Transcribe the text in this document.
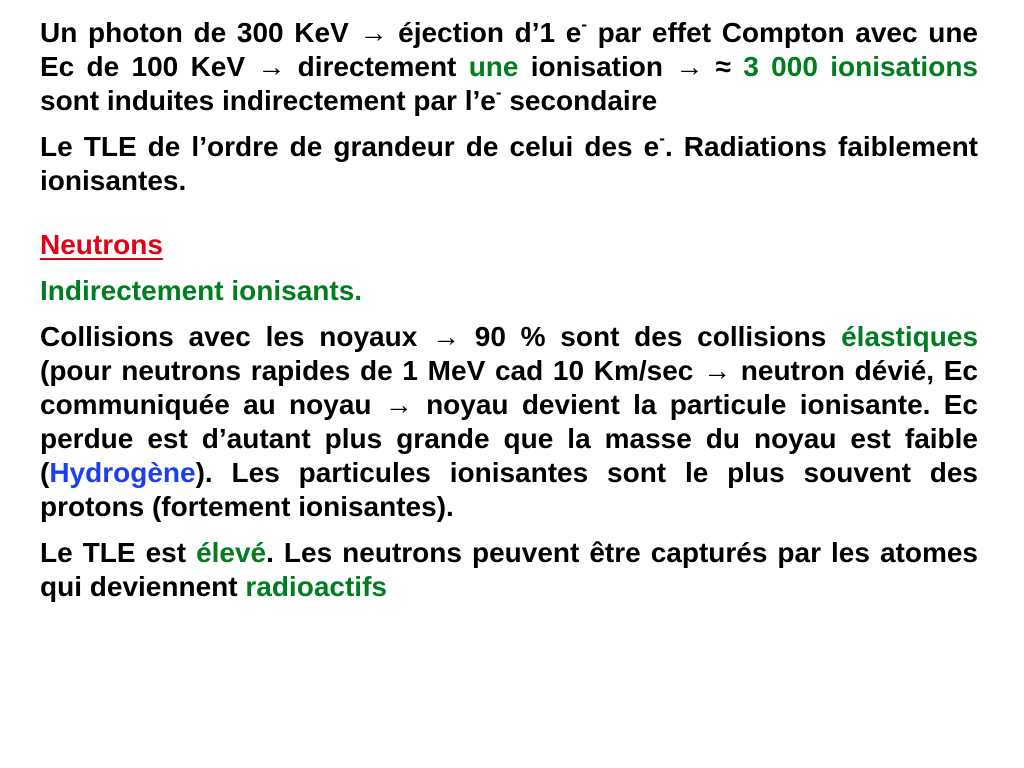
Un photon de 300 KeV → éjection d’1 e- par effet Compton avec une Ec de 100 KeV → directement une ionisation → ≈ 3 000 ionisations sont induites indirectement par l’e- secondaire

Le TLE de l’ordre de grandeur de celui des e-. Radiations faiblement ionisantes.

Neutrons

Indirectement ionisants.

Collisions avec les noyaux → 90 % sont des collisions élastiques (pour neutrons rapides de 1 MeV cad 10 Km/sec → neutron dévié, Ec communiquée au noyau → noyau devient la particule ionisante. Ec perdue est d’autant plus grande que la masse du noyau est faible (Hydrogène). Les particules ionisantes sont le plus souvent des protons (fortement ionisantes).

Le TLE est élevé. Les neutrons peuvent être capturés par les atomes qui deviennent radioactifs
